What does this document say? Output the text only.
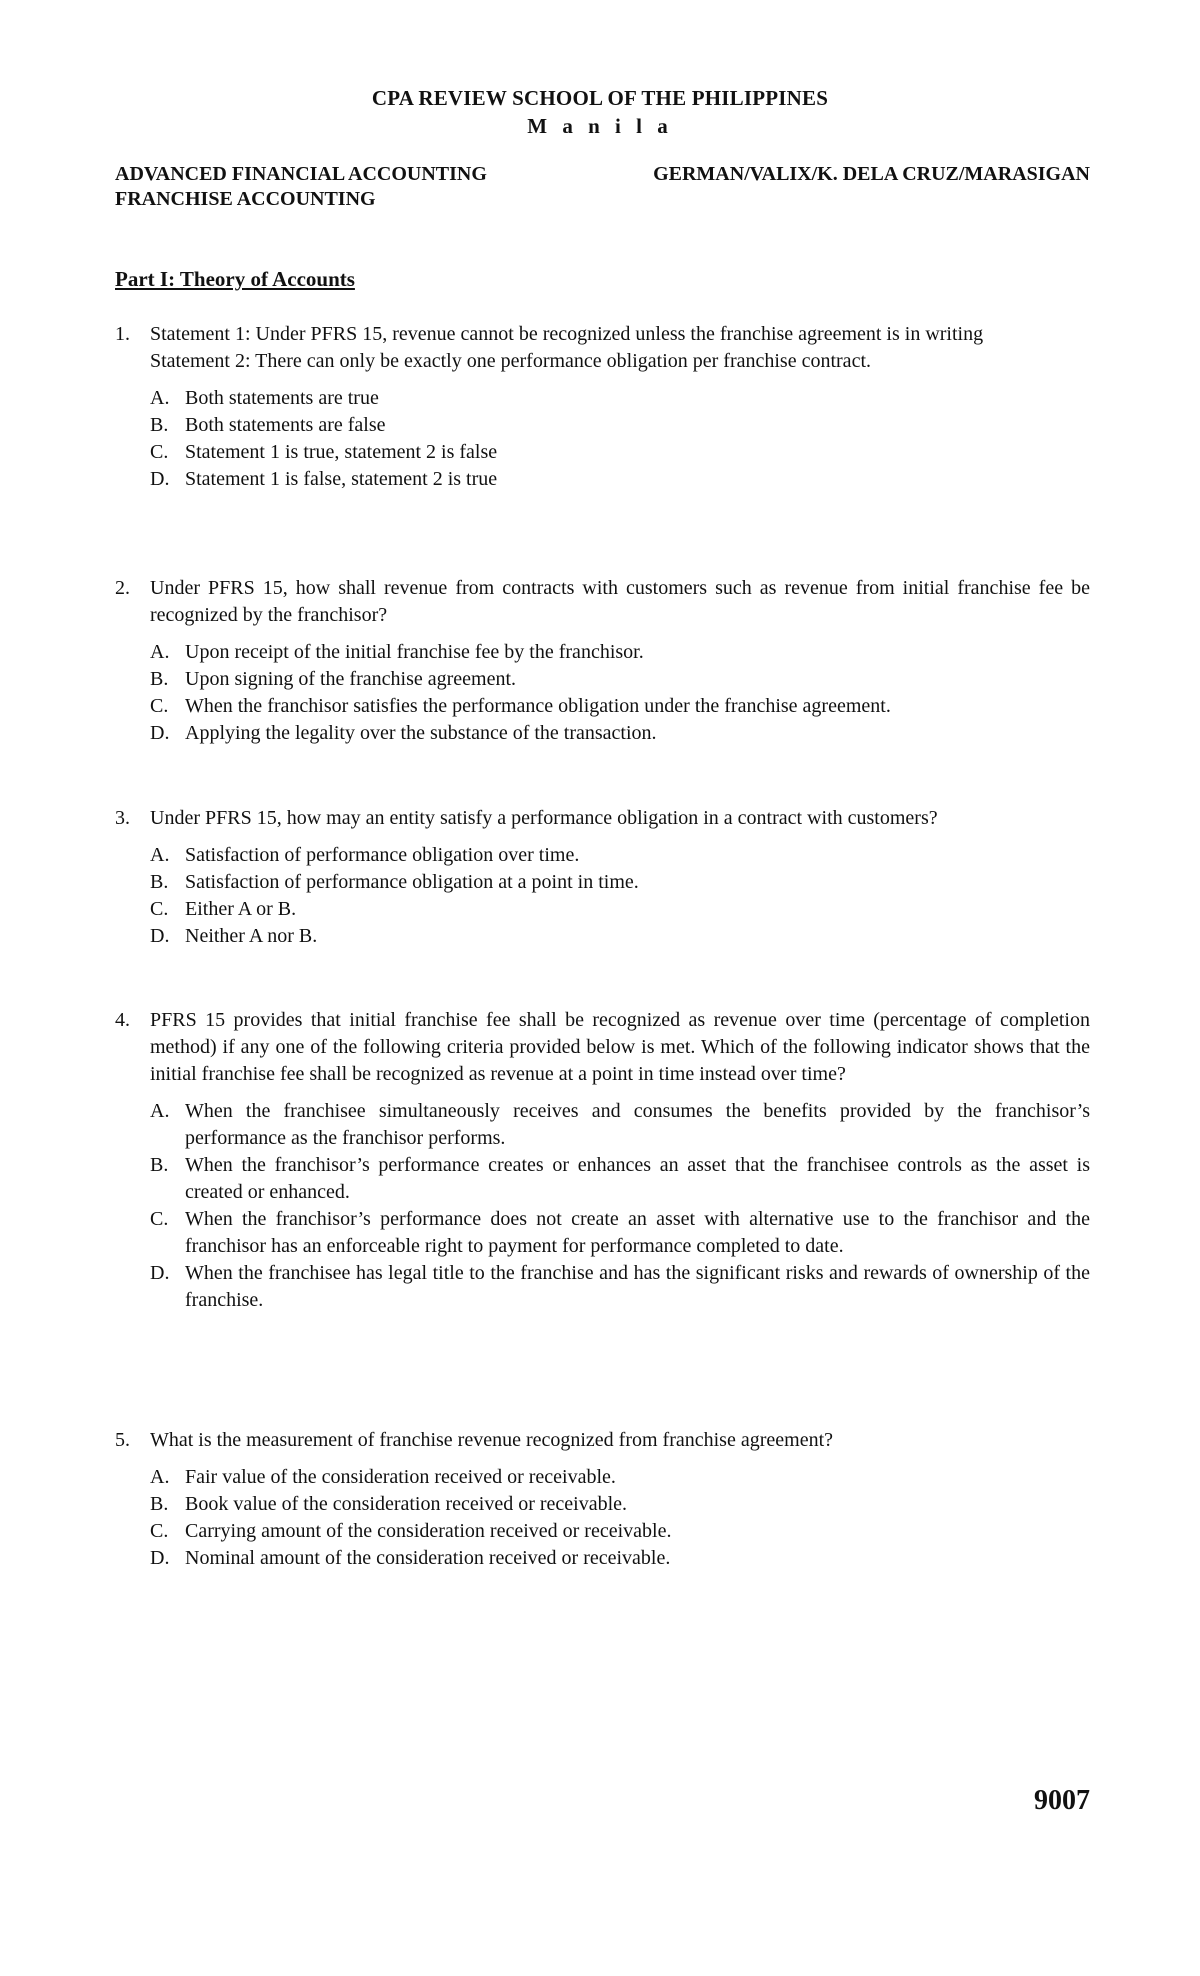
CPA REVIEW SCHOOL OF THE PHILIPPINES
M a n i l a
ADVANCED FINANCIAL ACCOUNTING
FRANCHISE ACCOUNTING
GERMAN/VALIX/K. DELA CRUZ/MARASIGAN
Part I: Theory of Accounts
1.	Statement 1: Under PFRS 15, revenue cannot be recognized unless the franchise agreement is in writing

Statement 2: There can only be exactly one performance obligation per franchise contract.

A. Both statements are true
B. Both statements are false
C. Statement 1 is true, statement 2 is false
D. Statement 1 is false, statement 2 is true
2.	Under PFRS 15, how shall revenue from contracts with customers such as revenue from initial franchise fee be recognized by the franchisor?

A. Upon receipt of the initial franchise fee by the franchisor.
B. Upon signing of the franchise agreement.
C. When the franchisor satisfies the performance obligation under the franchise agreement.
D. Applying the legality over the substance of the transaction.
3.	Under PFRS 15, how may an entity satisfy a performance obligation in a contract with customers?

A. Satisfaction of performance obligation over time.
B. Satisfaction of performance obligation at a point in time.
C. Either A or B.
D. Neither A nor B.
4.	PFRS 15 provides that initial franchise fee shall be recognized as revenue over time (percentage of completion method) if any one of the following criteria provided below is met. Which of the following indicator shows that the initial franchise fee shall be recognized as revenue at a point in time instead over time?

A. When the franchisee simultaneously receives and consumes the benefits provided by the franchisor’s performance as the franchisor performs.
B. When the franchisor’s performance creates or enhances an asset that the franchisee controls as the asset is created or enhanced.
C. When the franchisor’s performance does not create an asset with alternative use to the franchisor and the franchisor has an enforceable right to payment for performance completed to date.
D. When the franchisee has legal title to the franchise and has the significant risks and rewards of ownership of the franchise.
5.	What is the measurement of franchise revenue recognized from franchise agreement?

A. Fair value of the consideration received or receivable.
B. Book value of the consideration received or receivable.
C. Carrying amount of the consideration received or receivable.
D. Nominal amount of the consideration received or receivable.
9007
